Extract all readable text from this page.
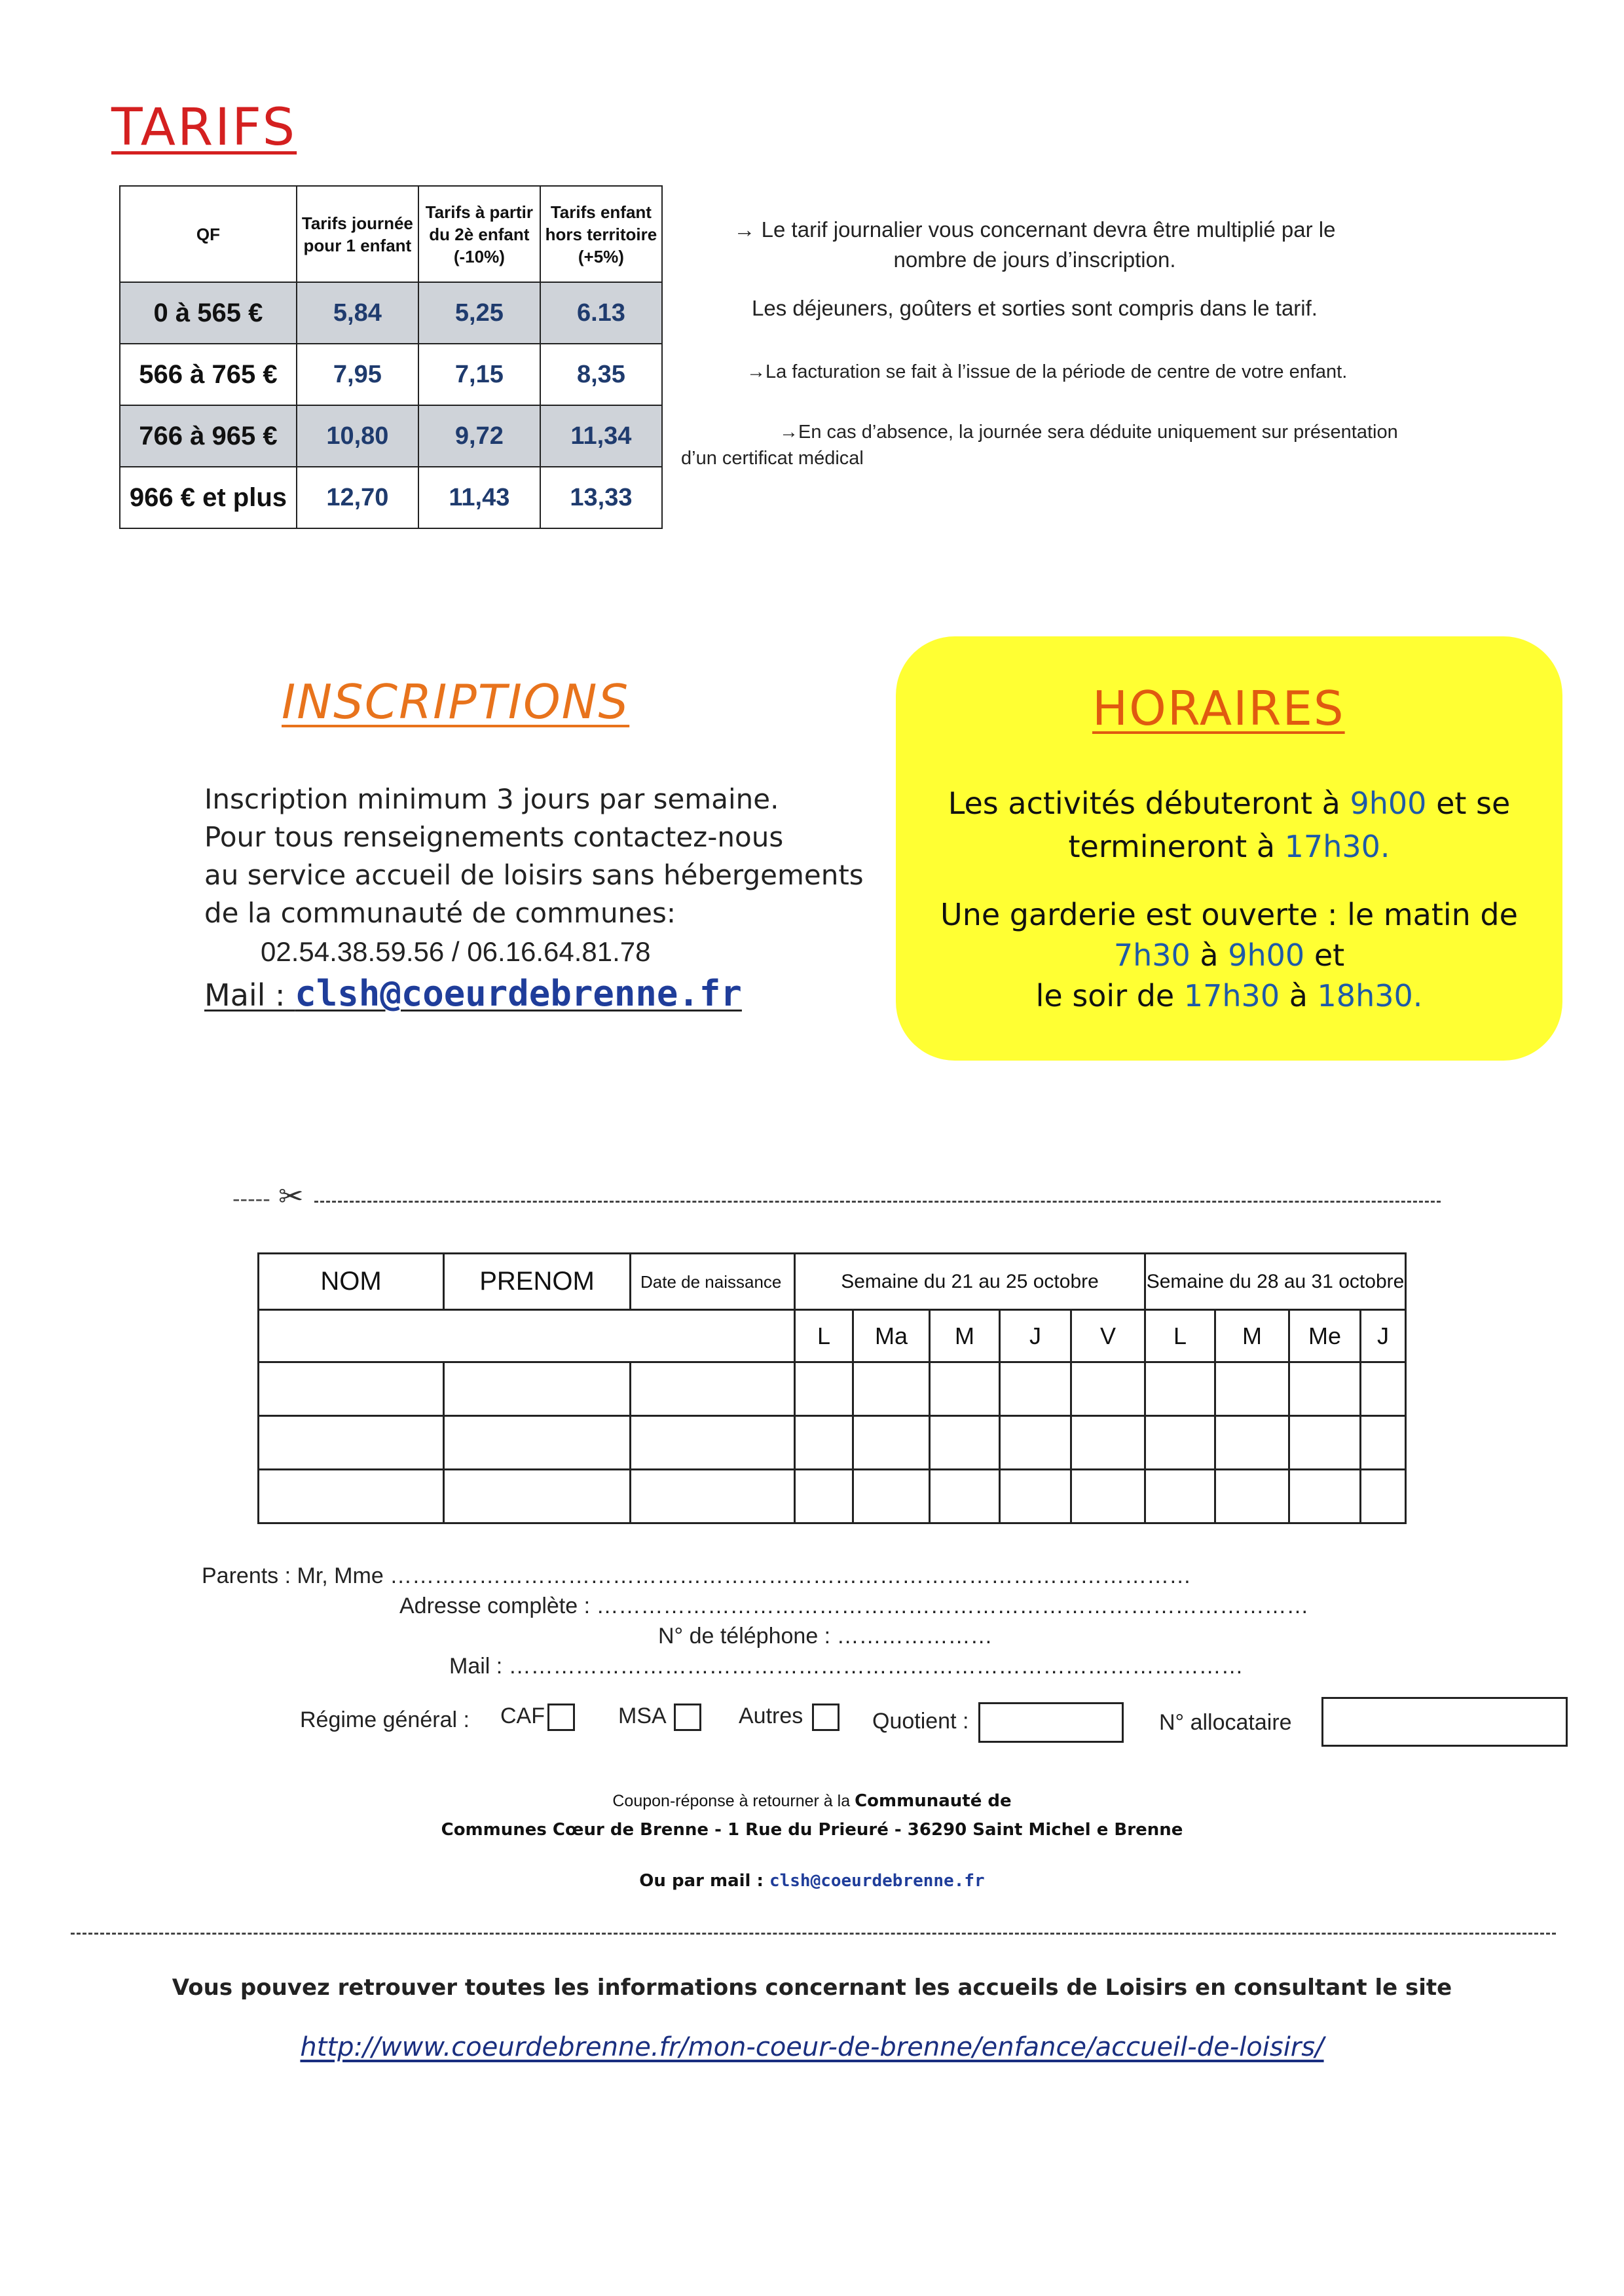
TARIFS
QF	Tarifs journée pour 1 enfant	Tarifs à partir du 2è enfant (-10%)	Tarifs enfant hors territoire (+5%)
0 à 565 €	5,84	5,25	6.13
566 à 765 €	7,95	7,15	8,35
766 à 965 €	10,80	9,72	11,34
966 € et plus	12,70	11,43	13,33
→ Le tarif journalier vous concernant devra être multiplié par le
nombre de jours d’inscription.
Les déjeuners, goûters et sorties sont compris dans le tarif.
→La facturation se fait à l’issue de la période de centre de votre enfant.
→En cas d’absence, la journée sera déduite uniquement sur présentation
d’un certificat médical
INSCRIPTIONS
Inscription minimum 3 jours par semaine.
Pour tous renseignements contactez-nous
au service accueil de loisirs sans hébergements
de la communauté de communes:
02.54.38.59.56 / 06.16.64.81.78
Mail : clsh@coeurdebrenne.fr
HORAIRES
Les activités débuteront à 9h00 et se
termineront à 17h30.
Une garderie est ouverte : le matin de
7h30 à 9h00 et
le soir de 17h30 à 18h30.
----- ✂
NOM	PRENOM	Date de naissance	Semaine du 21 au 25 octobre					Semaine du 28 au 31 octobre			
			L	Ma	M	J	V	L	M	Me	J

Parents : Mr, Mme ………………………………………………………………………………………………
Adresse complète : ……………………………………………………………………………………
N° de téléphone : …………………
Mail : ………………………………………………………………………………………
Régime général : CAF	MSA	Autres	Quotient :	N° allocataire
Coupon-réponse à retourner à la Communauté de
Communes Cœur de Brenne - 1 Rue du Prieuré - 36290 Saint Michel e Brenne
Ou par mail : clsh@coeurdebrenne.fr
Vous pouvez retrouver toutes les informations concernant les accueils de Loisirs en consultant le site
http://www.coeurdebrenne.fr/mon-coeur-de-brenne/enfance/accueil-de-loisirs/
